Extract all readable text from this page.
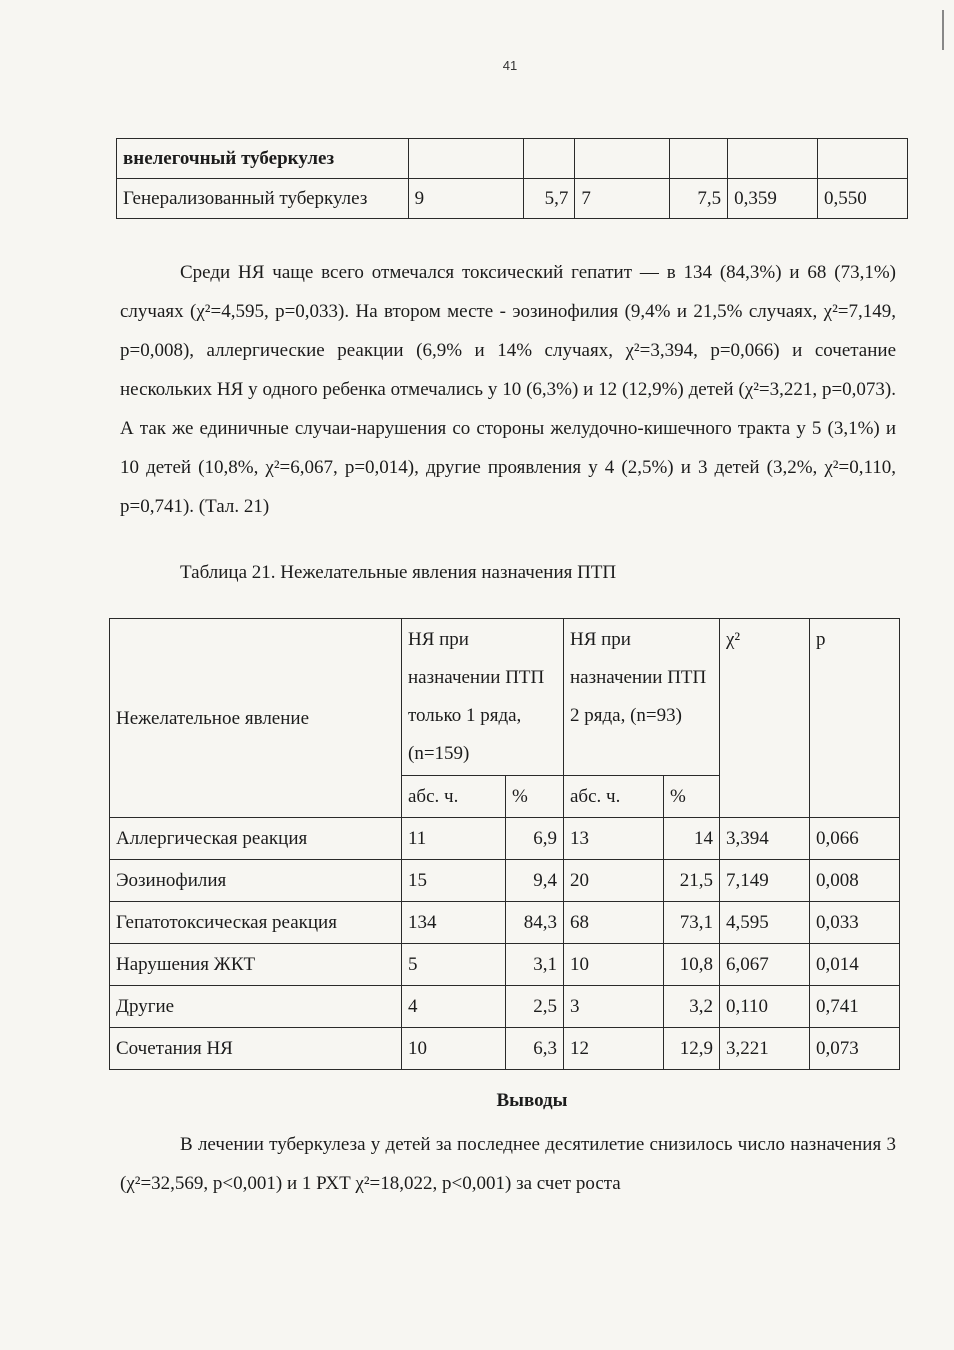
41
внелегочный туберкулез						
Генерализованный туберкулез	9	5,7	7	7,5	0,359	0,550
Среди НЯ чаще всего отмечался токсический гепатит — в 134 (84,3%) и 68 (73,1%) случаях (χ²=4,595, p=0,033). На втором месте - эозинофилия (9,4% и 21,5% случаях, χ²=7,149, p=0,008), аллергические реакции (6,9% и 14% случаях, χ²=3,394, p=0,066) и сочетание нескольких НЯ у одного ребенка отмечались у 10 (6,3%) и 12 (12,9%) детей (χ²=3,221, p=0,073). А так же единичные случаи-нарушения со стороны желудочно-кишечного тракта у 5 (3,1%) и 10 детей (10,8%, χ²=6,067, p=0,014), другие проявления у 4 (2,5%) и 3 детей (3,2%, χ²=0,110, p=0,741). (Тал. 21)
Таблица 21. Нежелательные явления назначения ПТП
Нежелательное явление	НЯ при назначении ПТП только 1 ряда, (n=159)		НЯ при назначении ПТП 2 ряда, (n=93)		χ²	p
	абс. ч.	%	абс. ч.	%		
Аллергическая реакция	11	6,9	13	14	3,394	0,066
Эозинофилия	15	9,4	20	21,5	7,149	0,008
Гепатотоксическая реакция	134	84,3	68	73,1	4,595	0,033
Нарушения ЖКТ	5	3,1	10	10,8	6,067	0,014
Другие	4	2,5	3	3,2	0,110	0,741
Сочетания НЯ	10	6,3	12	12,9	3,221	0,073
Выводы
В лечении туберкулеза у детей за последнее десятилетие снизилось число назначения 3 (χ²=32,569, p<0,001) и 1 РХТ χ²=18,022, p<0,001) за счет роста
